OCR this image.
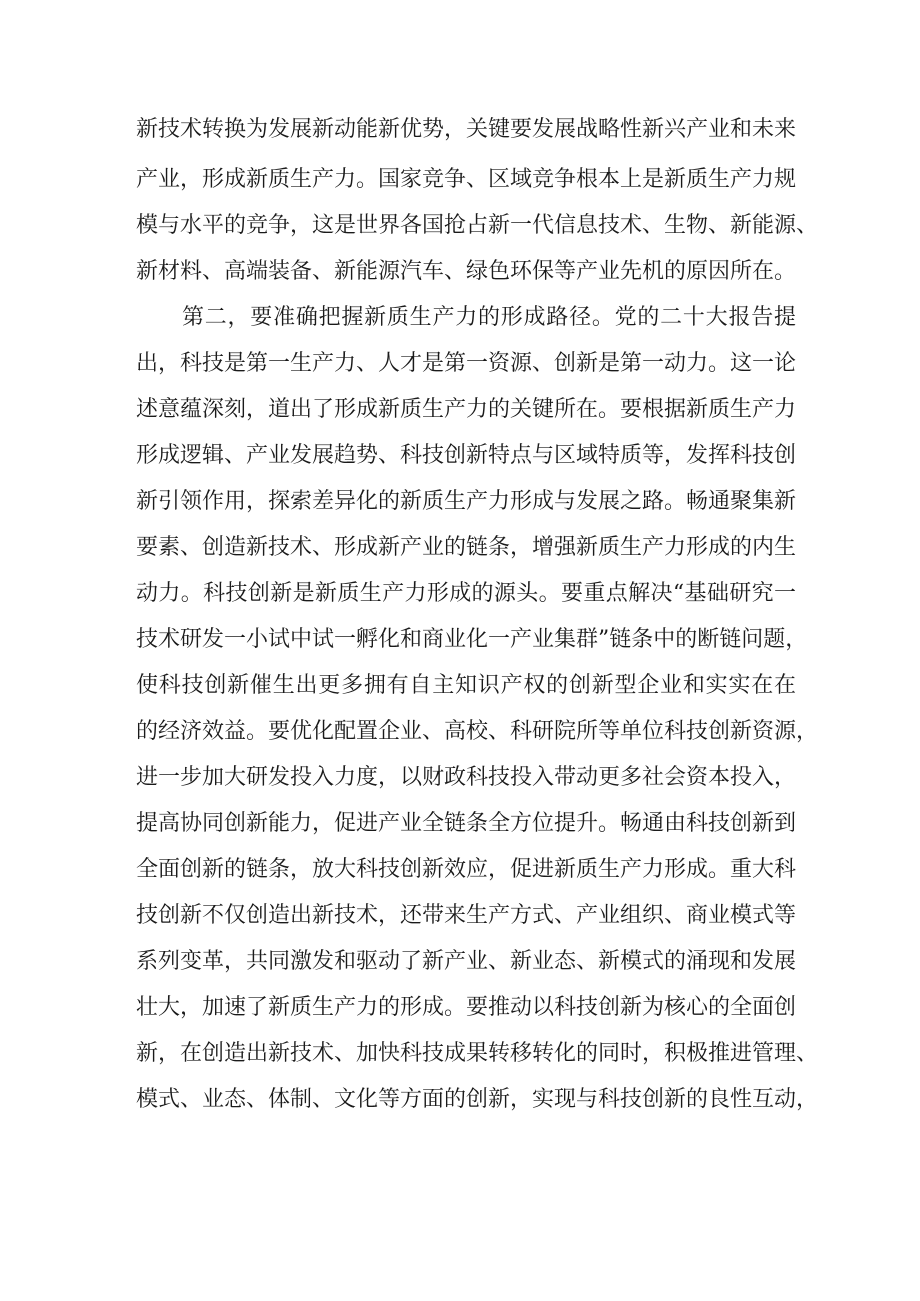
新技术转换为发展新动能新优势，关键要发展战略性新兴产业和未来
产业，形成新质生产力。国家竞争、区域竞争根本上是新质生产力规
模与水平的竞争，这是世界各国抢占新一代信息技术、生物、新能源、
新材料、高端装备、新能源汽车、绿色环保等产业先机的原因所在。
第二，要准确把握新质生产力的形成路径。党的二十大报告提
出，科技是第一生产力、人才是第一资源、创新是第一动力。这一论
述意蕴深刻，道出了形成新质生产力的关键所在。要根据新质生产力
形成逻辑、产业发展趋势、科技创新特点与区域特质等，发挥科技创
新引领作用，探索差异化的新质生产力形成与发展之路。畅通聚集新
要素、创造新技术、形成新产业的链条，增强新质生产力形成的内生
动力。科技创新是新质生产力形成的源头。要重点解决“基础研究一
技术研发一小试中试一孵化和商业化一产业集群”链条中的断链问题，
使科技创新催生出更多拥有自主知识产权的创新型企业和实实在在
的经济效益。要优化配置企业、高校、科研院所等单位科技创新资源，
进一步加大研发投入力度，以财政科技投入带动更多社会资本投入，
提高协同创新能力，促进产业全链条全方位提升。畅通由科技创新到
全面创新的链条，放大科技创新效应，促进新质生产力形成。重大科
技创新不仅创造出新技术，还带来生产方式、产业组织、商业模式等
系列变革，共同激发和驱动了新产业、新业态、新模式的涌现和发展
壮大，加速了新质生产力的形成。要推动以科技创新为核心的全面创
新，在创造出新技术、加快科技成果转移转化的同时，积极推进管理、
模式、业态、体制、文化等方面的创新，实现与科技创新的良性互动，
